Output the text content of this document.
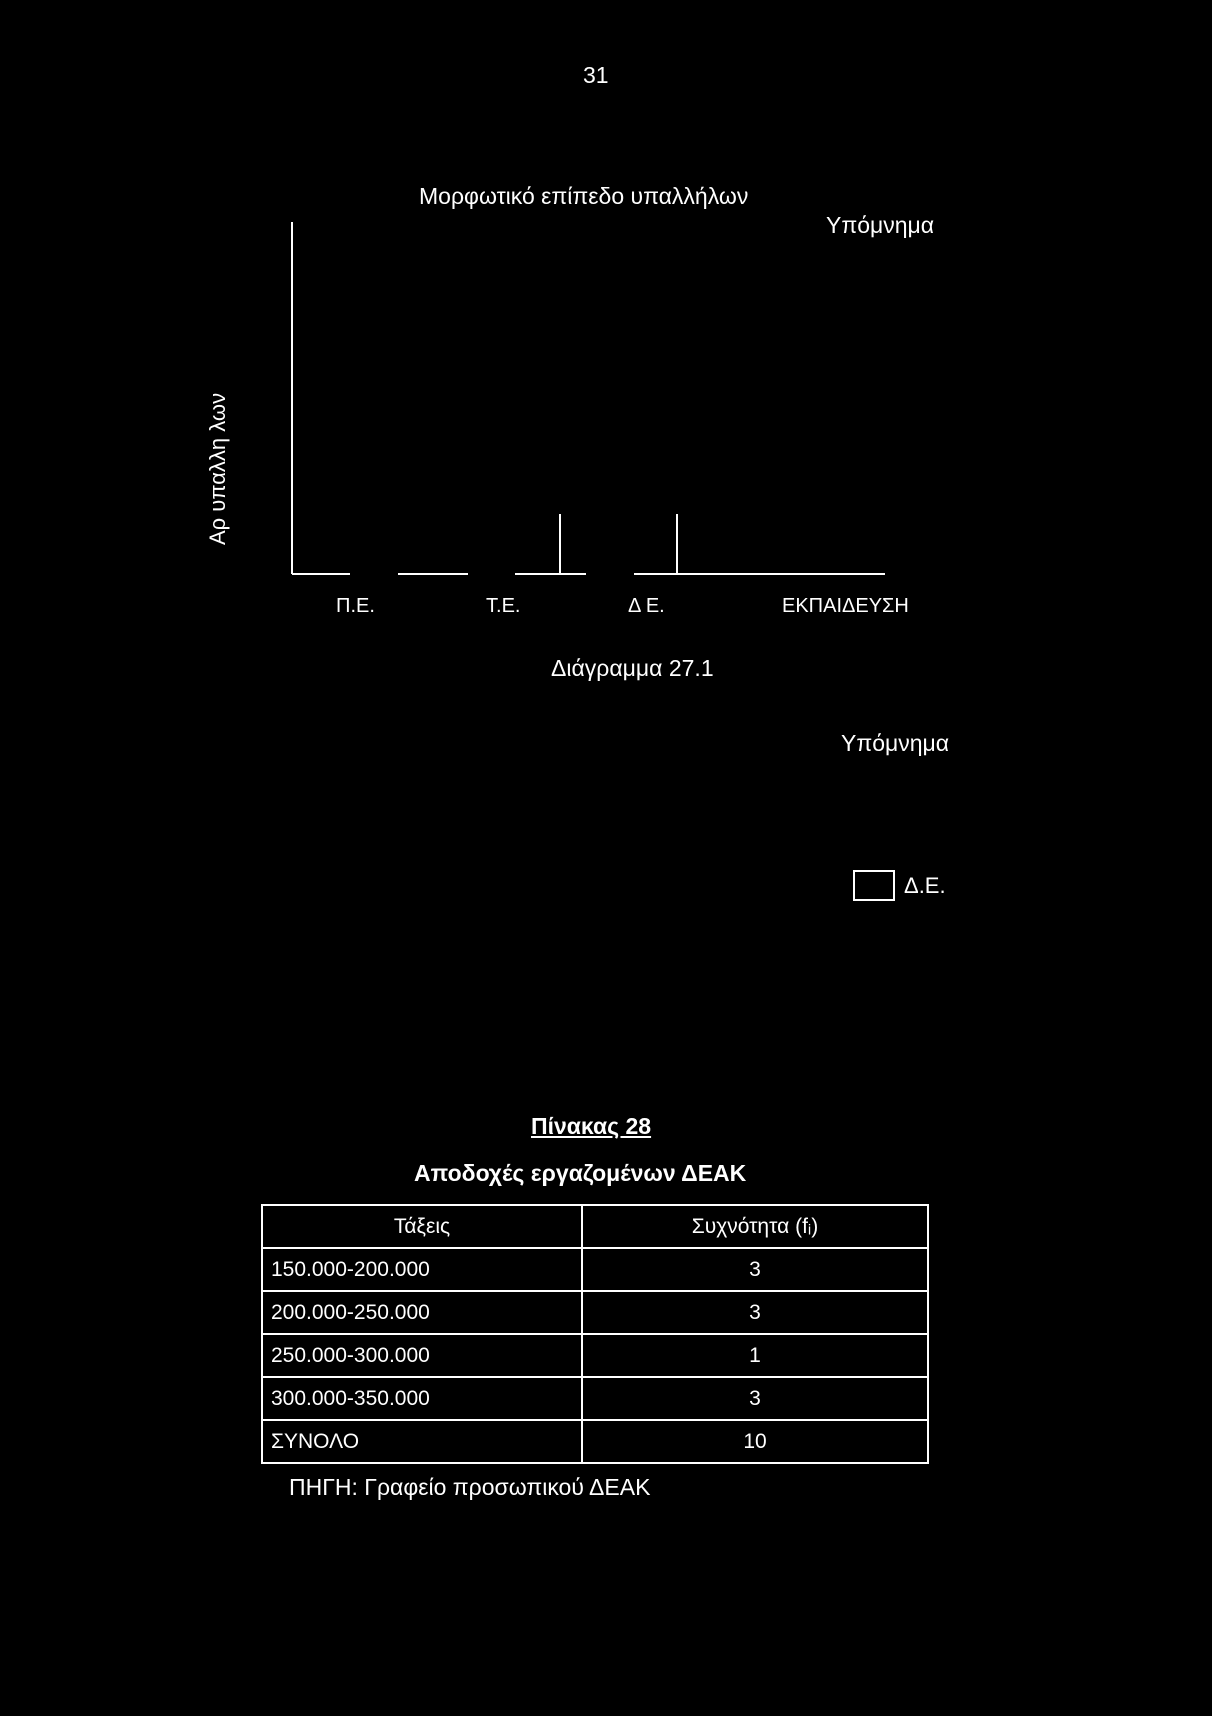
31
Μορφωτικό επίπεδο υπαλλήλων
Υπόμνημα
Αρ υπαλλη λων
Π.Ε.	Τ.Ε.	Δ Ε.	ΕΚΠΑΙΔΕΥΣΗ
Διάγραμμα 27.1
Υπόμνημα
Δ.Ε.
Πίνακας 28
Αποδοχές εργαζομένων ΔΕΑΚ
Τάξεις	Συχνότητα (fᵢ)
150.000-200.000	3
200.000-250.000	3
250.000-300.000	1
300.000-350.000	3
ΣΥΝΟΛΟ	10
ΠΗΓΗ: Γραφείο προσωπικού ΔΕΑΚ
